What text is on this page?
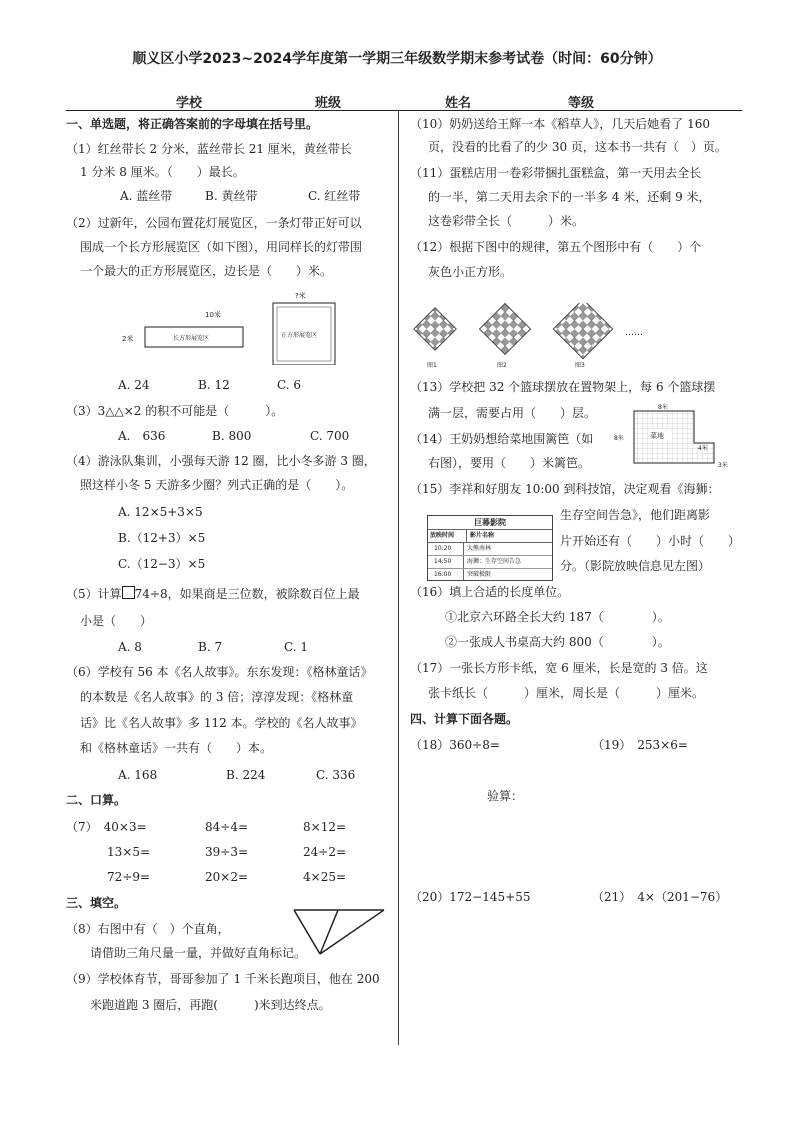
顺义区小学2023~2024学年度第一学期三年级数学期末参考试卷（时间：60分钟）
学校	班级	姓名	等级
一、单选题，将正确答案前的字母填在括号里。
（1）红丝带长 2 分米，蓝丝带长 21 厘米，黄丝带长
1 分米 8 厘米。（　　）最长。
A. 蓝丝带	B. 黄丝带	C. 红丝带
（2）过新年，公园布置花灯展览区，一条灯带正好可以
围成一个长方形展览区（如下图），用同样长的灯带围
一个最大的正方形展览区，边长是（　　）米。
10米
2米	长方形展览区
?米
正方形展览区
A. 24	B. 12	C. 6
（3）3△△×2 的积不可能是（　　　）。
A.　636	B. 800	C. 700
（4）游泳队集训，小强每天游 12 圈，比小冬多游 3 圈，
照这样小冬 5 天游多少圈？列式正确的是（　　）。
A. 12×5+3×5
B.（12+3）×5
C.（12−3）×5
（5）计算 74÷8，如果商是三位数，被除数百位上最
小是（　　）
A. 8	B. 7	C. 1
（6）学校有 56 本《名人故事》。东东发现：《格林童话》
的本数是《名人故事》的 3 倍；淳淳发现：《格林童
话》比《名人故事》多 112 本。学校的《名人故事》
和《格林童话》一共有（　　）本。
A. 168	B. 224	C. 336
二、口算。
（7）　40×3=	84÷4=	8×12=
13×5=	39÷3=	24÷2=
72÷9=	20×2=	4×25=
三、填空。
（8）右图中有（　）个直角，
请借助三角尺量一量，并做好直角标记。
（9）学校体育节，哥哥参加了 1 千米长跑项目，他在 200
米跑道跑 3 圈后，再跑(　　　)米到达终点。
（10）奶奶送给王辉一本《稻草人》，几天后她看了 160
页，没看的比看了的少 30 页，这本书一共有（　）页。
（11）蛋糕店用一卷彩带捆扎蛋糕盒，第一天用去全长
的一半，第二天用去余下的一半多 4 米，还剩 9 米，
这卷彩带全长（　　　）米。
（12）根据下图中的规律，第五个图形中有（　　）个
灰色小正方形。
……
图1	图2	图3
（13）学校把 32 个篮球摆放在置物架上，每 6 个篮球摆
满一层，需要占用（　　）层。	8米
8米	菜地
4米
3米
（14）王奶奶想给菜地围篱笆（如
右图），要用（　　）米篱笆。
（15）李祥和好朋友 10:00 到科技馆，决定观看《海狮：
生存空间告急》，他们距离影
片开始还有（　　）小时（　　）
分。（影院放映信息见左图）
巨幕影院
放映时间	影片名称
10:20	大熊南林
14:50	海狮：生存空间告急
16:00	突破极限
（16）填上合适的长度单位。
①北京六环路全长大约 187（　　　　）。
②一张成人书桌高大约 800（　　　　）。
（17）一张长方形卡纸，宽 6 厘米，长是宽的 3 倍。这
张卡纸长（　　　）厘米，周长是（　　　）厘米。
四、计算下面各题。
（18）360÷8=	（19）　253×6=
验算：
（20）172−145+55	（21）　4×（201−76）
